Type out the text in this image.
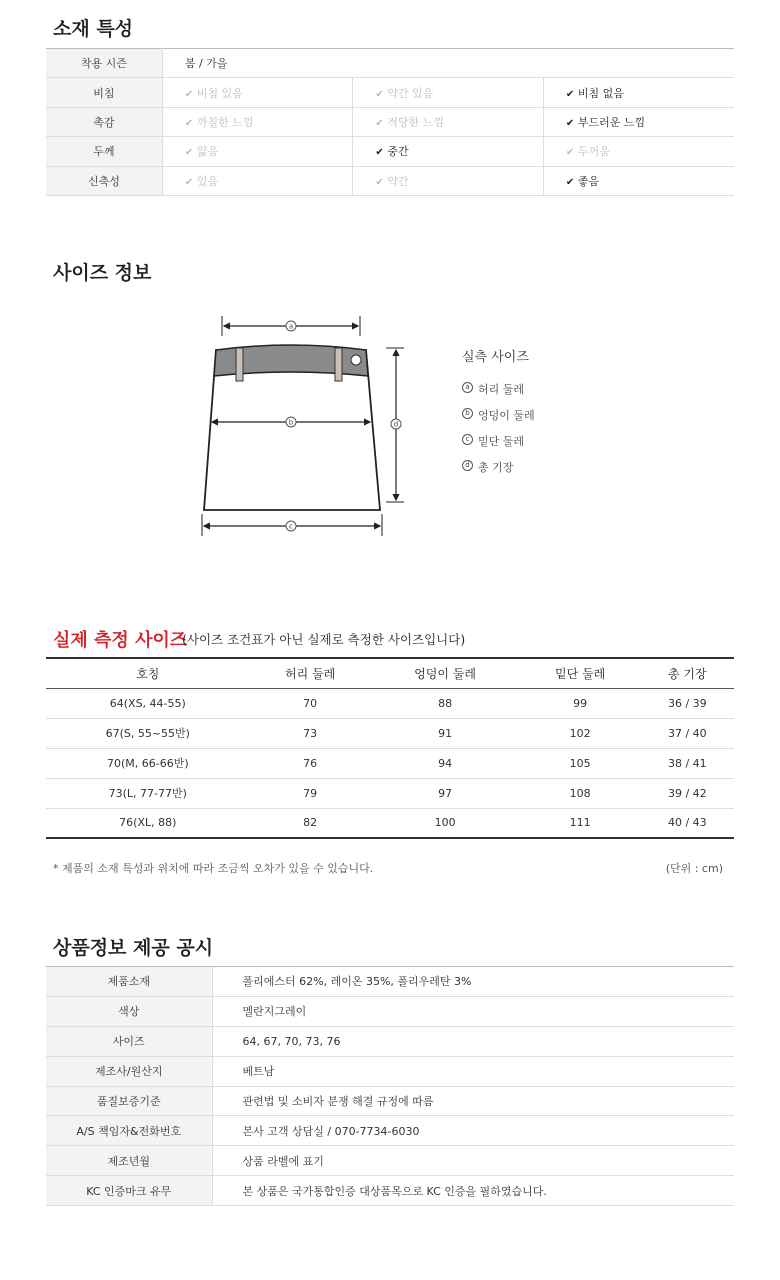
소재 특성
착용 시즌	봄 / 가을		
비침	✔ 비침 있음	✔ 약간 있음	✔ 비침 없음
촉감	✔ 까칠한 느낌	✔ 적당한 느낌	✔ 부드러운 느낌
두께	✔ 얇음	✔ 중간	✔ 두꺼움
신축성	✔ 있음	✔ 약간	✔ 좋음
사이즈 정보
a
b	d
c
실측 사이즈
a 허리 둘레
b 엉덩이 둘레
c 밑단 둘레
d 총 기장
실제 측정 사이즈
(사이즈 조건표가 아닌 실제로 측정한 사이즈입니다)
호칭	허리 둘레	엉덩이 둘레	밑단 둘레	총 기장
64(XS, 44-55)	70	88	99	36 / 39
67(S, 55~55반)	73	91	102	37 / 40
70(M, 66-66반)	76	94	105	38 / 41
73(L, 77-77반)	79	97	108	39 / 42
76(XL, 88)	82	100	111	40 / 43
* 제품의 소재 특성과 위치에 따라 조금씩 오차가 있을 수 있습니다.	(단위 : cm)
상품정보 제공 공시
제품소재	폴리에스터 62%, 레이온 35%, 폴리우레탄 3%
색상	멜란지그레이
사이즈	64, 67, 70, 73, 76
제조사/원산지	베트남
품질보증기준	관련법 및 소비자 분쟁 해결 규정에 따름
A/S 책임자&전화번호	본사 고객 상담실 / 070-7734-6030
제조년월	상품 라벨에 표기
KC 인증마크 유무	본 상품은 국가통합인증 대상품목으로 KC 인증을 필하였습니다.
